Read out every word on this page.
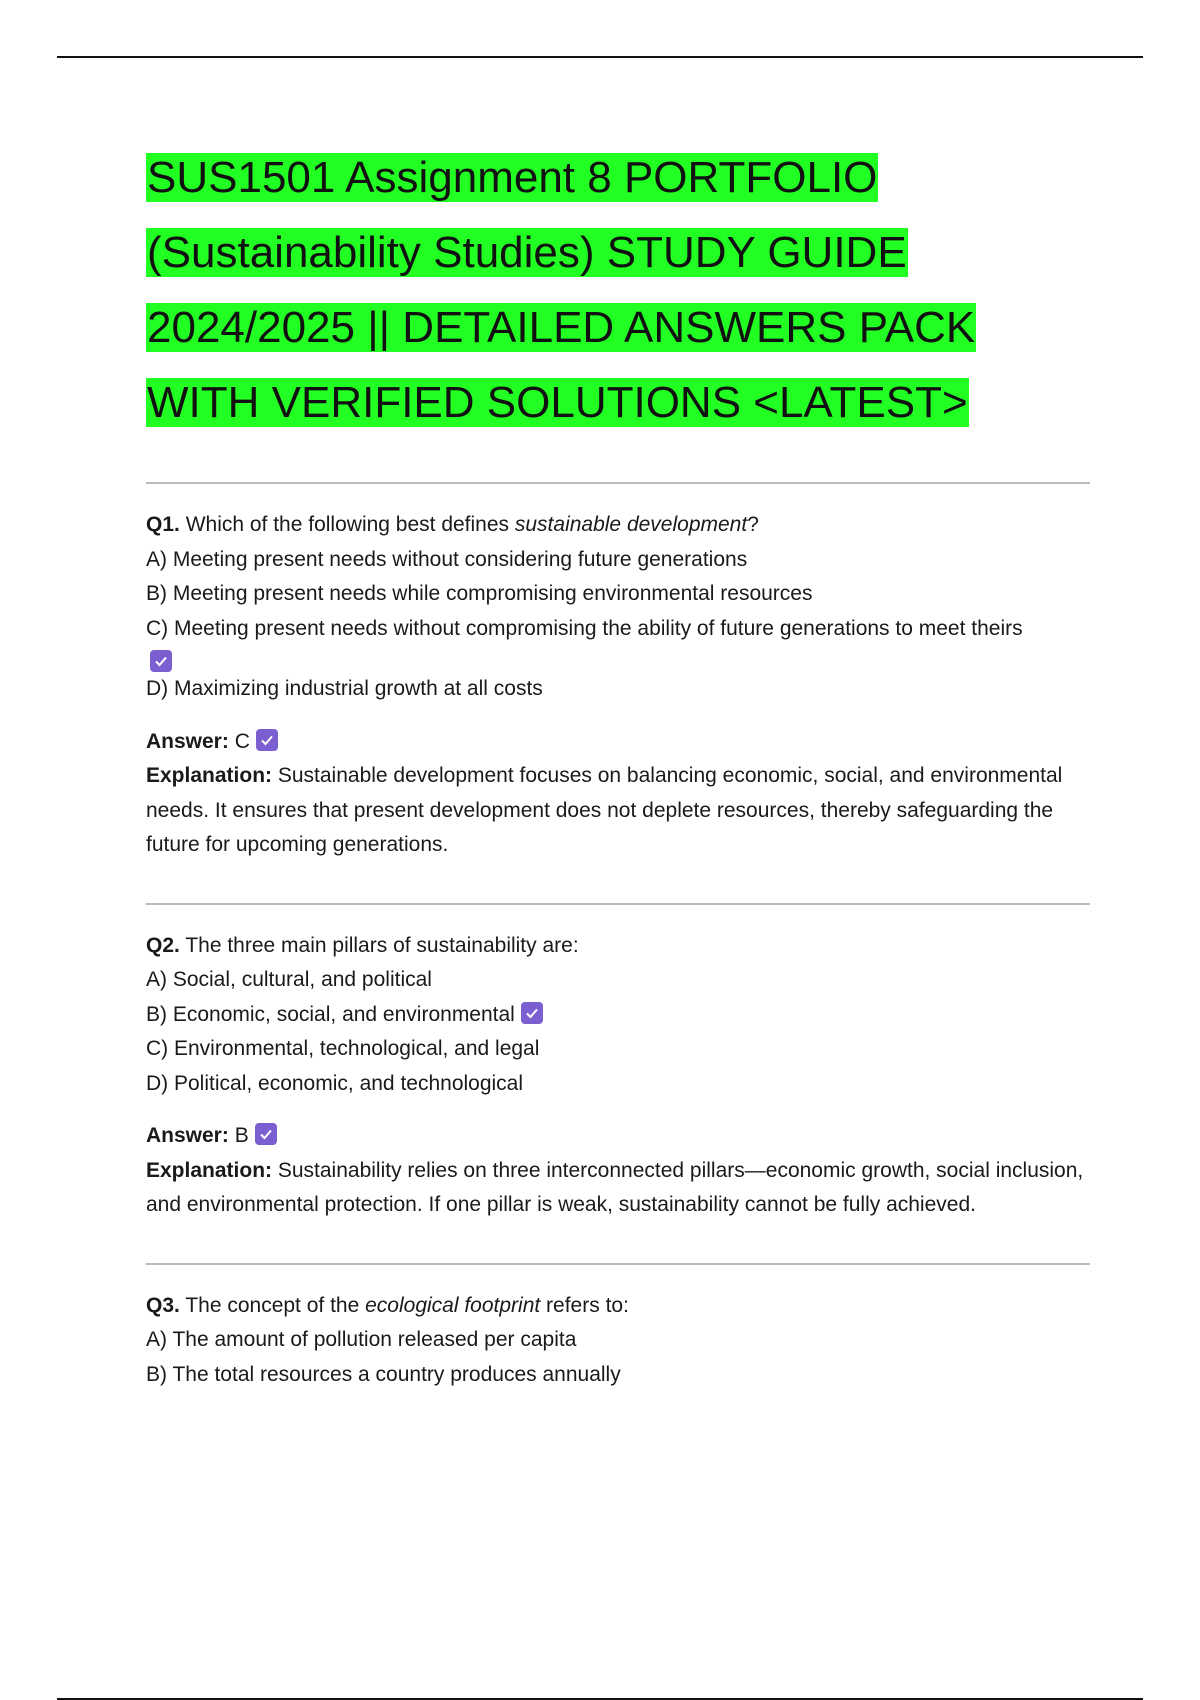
SUS1501 Assignment 8 PORTFOLIO
(Sustainability Studies) STUDY GUIDE
2024/2025 || DETAILED ANSWERS PACK
WITH VERIFIED SOLUTIONS <LATEST>

Q1. Which of the following best defines sustainable development?

A) Meeting present needs without considering future generations

B) Meeting present needs while compromising environmental resources

C) Meeting present needs without compromising the ability of future generations to meet theirs

D) Maximizing industrial growth at all costs

Answer: C

Explanation: Sustainable development focuses on balancing economic, social, and environmental needs. It ensures that present development does not deplete resources, thereby safeguarding the future for upcoming generations.

Q2. The three main pillars of sustainability are:

A) Social, cultural, and political

B) Economic, social, and environmental

C) Environmental, technological, and legal

D) Political, economic, and technological

Answer: B

Explanation: Sustainability relies on three interconnected pillars—economic growth, social inclusion, and environmental protection. If one pillar is weak, sustainability cannot be fully achieved.

Q3. The concept of the ecological footprint refers to:

A) The amount of pollution released per capita

B) The total resources a country produces annually
